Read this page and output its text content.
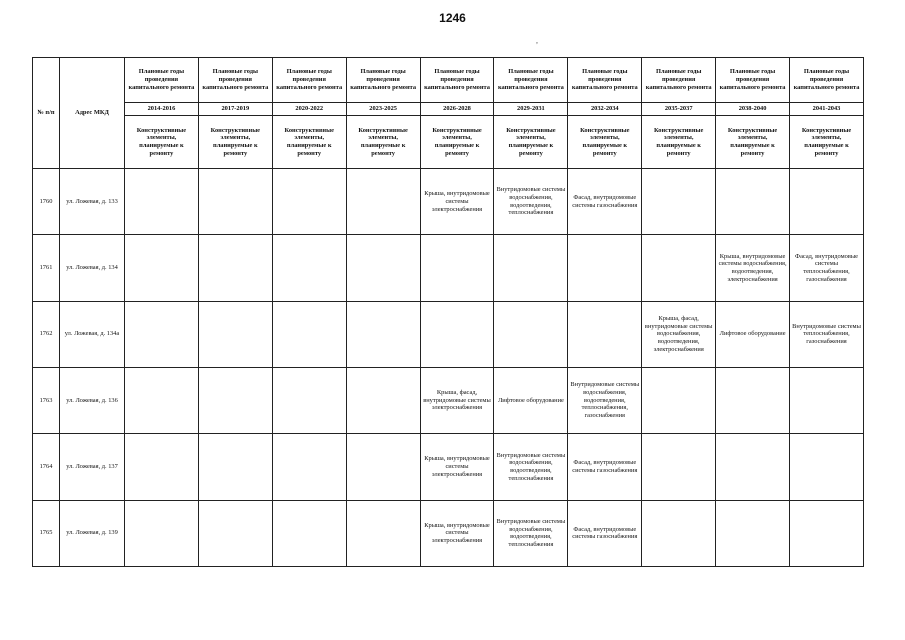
1246
,
№ п/п	Адрес МКД	Плановые годы проведения капитального ремонта	Плановые годы проведения капитального ремонта	Плановые годы проведения капитального ремонта	Плановые годы проведения капитального ремонта	Плановые годы проведения капитального ремонта	Плановые годы проведения капитального ремонта	Плановые годы проведения капитального ремонта	Плановые годы проведения капитального ремонта	Плановые годы проведения капитального ремонта	Плановые годы проведения капитального ремонта
		2014-2016	2017-2019	2020-2022	2023-2025	2026-2028	2029-2031	2032-2034	2035-2037	2038-2040	2041-2043
		Конструктивные элементы, планируемые к ремонту	Конструктивные элементы, планируемые к ремонту	Конструктивные элементы, планируемые к ремонту	Конструктивные элементы, планируемые к ремонту	Конструктивные элементы, планируемые к ремонту	Конструктивные элементы, планируемые к ремонту	Конструктивные элементы, планируемые к ремонту	Конструктивные элементы, планируемые к ремонту	Конструктивные элементы, планируемые к ремонту	Конструктивные элементы, планируемые к ремонту
1760	ул. Ложевая, д. 133					Крыша, внутридомовые системы электроснабжения	Внутридомовые системы водоснабжения, водоотведения, теплоснабжения	Фасад, внутридомовые системы газоснабжения			
1761	ул. Ложевая, д. 134									Крыша, внутридомовые системы водоснабжения, водоотведения, электроснабжения	Фасад, внутридомовые системы теплоснабжения, газоснабжения
1762	ул. Ложевая, д. 134а								Крыша, фасад, внутридомовые системы водоснабжения, водоотведения, электроснабжения	Лифтовое оборудование	Внутридомовые системы теплоснабжения, газоснабжения
1763	ул. Ложевая, д. 136					Крыша, фасад, внутридомовые системы электроснабжения	Лифтовое оборудование	Внутридомовые системы водоснабжения, водоотведения, теплоснабжения, газоснабжения			
1764	ул. Ложевая, д. 137					Крыша, внутридомовые системы электроснабжения	Внутридомовые системы водоснабжения, водоотведения, теплоснабжения	Фасад, внутридомовые системы газоснабжения			
1765	ул. Ложевая, д. 139					Крыша, внутридомовые системы электроснабжения	Внутридомовые системы водоснабжения, водоотведения, теплоснабжения	Фасад, внутридомовые системы газоснабжения			
